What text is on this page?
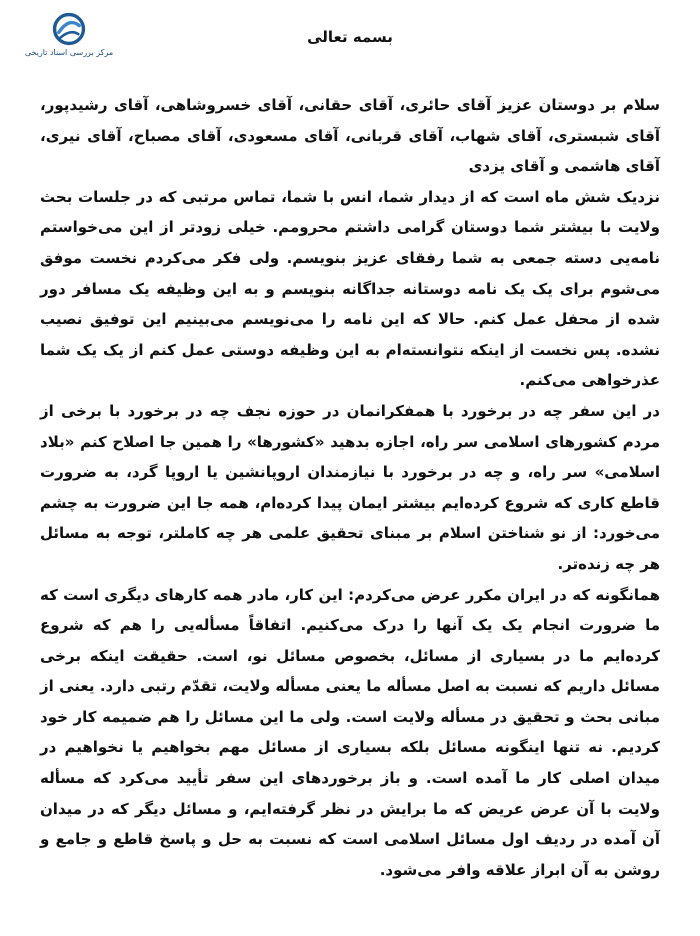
مرکز بررسی اسناد تاریخی
بسمه تعالی

سلام بر دوستان عزیز آقای حائری، آقای حقانی، آقای خسروشاهی، آقای رشیدپور، آقای شبستری، آقای شهاب، آقای قربانی، آقای مسعودی، آقای مصباح، آقای نیری، آقای هاشمی و آقای یزدی

نزدیک شش ماه است که از دیدار شما، انس با شما، تماس مرتبی که در جلسات بحث ولایت با بیشتر شما دوستان گرامی داشتم محرومم. خیلی زودتر از این می‌خواستم نامه‌یی دسته جمعی به شما رفقای عزیز بنویسم. ولی فکر می‌کردم نخست موفق می‌شوم برای یک یک نامه دوستانه جداگانه بنویسم و به این وظیفه یک مسافر دور شده از محفل عمل کنم. حالا که این نامه را می‌نویسم می‌بینیم این توفیق نصیب نشده. پس نخست از اینکه نتوانسته‌ام به این وظیفه دوستی عمل کنم از یک یک شما عذرخواهی می‌کنم.

در این سفر چه در برخورد با همفکرانمان در حوزه نجف چه در برخورد با برخی از مردم کشورهای اسلامی سر راه، اجازه بدهید «کشورها» را همین جا اصلاح کنم «بلاد اسلامی» سر راه، و چه در برخورد با نیازمندان اروپانشین یا اروپا گرد، به ضرورت قاطع کاری که شروع کرده‌ایم بیشتر ایمان پیدا کرده‌ام، همه جا این ضرورت به چشم می‌خورد: از نو شناختن اسلام بر مبنای تحقیق علمی هر چه کاملتر، توجه به مسائل هر چه زنده‌تر.

همانگونه که در ایران مکرر عرض می‌کردم: این کار، مادر همه کارهای دیگری است که ما ضرورت انجام یک یک آنها را درک می‌کنیم. اتفاقاً مسأله‌یی را هم که شروع کرده‌ایم ما در بسیاری از مسائل، بخصوص مسائل نو، است. حقیقت اینکه برخی مسائل داریم که نسبت به اصل مسأله ما یعنی مسأله ولایت، تقدّم رتبی دارد. یعنی از مبانی بحث و تحقیق در مسأله ولایت است. ولی ما این مسائل را هم ضمیمه کار خود کردیم. نه تنها اینگونه مسائل بلکه بسیاری از مسائل مهم بخواهیم یا نخواهیم در میدان اصلی کار ما آمده است. و باز برخوردهای این سفر تأیید می‌کرد که مسأله ولایت با آن عرض عریض که ما برایش در نظر گرفته‌ایم، و مسائل دیگر که در میدان آن آمده در ردیف اول مسائل اسلامی است که نسبت به حل و پاسخ قاطع و جامع و روشن به آن ابراز علاقه وافر می‌شود.
